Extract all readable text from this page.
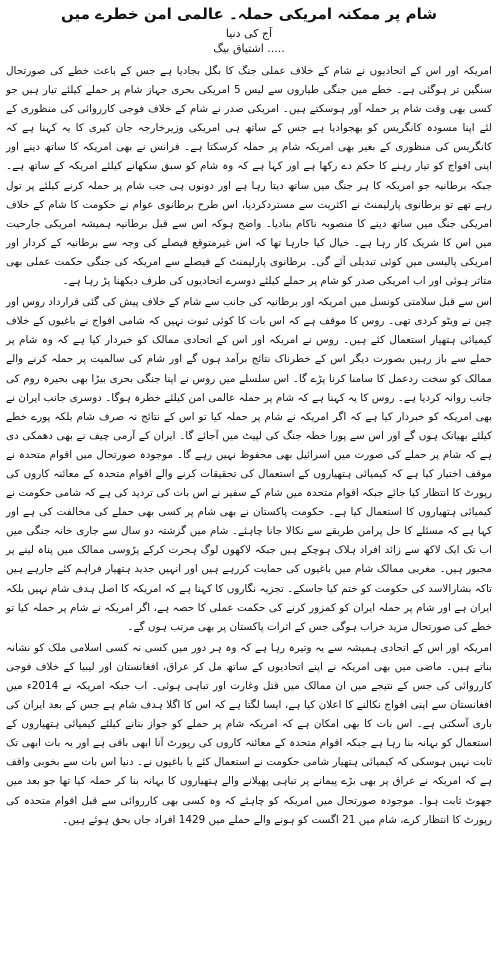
شام پر ممکنہ امریکی حملہ۔ عالمی امن خطرے میں
آج کی دنیا
..... اشتیاق بیگ

امریکہ اور اس کے اتحادیوں نے شام کے خلاف عملی جنگ کا بگل بجادیا ہے جس کے باعث خطے کی صورتحال سنگین تر ہوگئی ہے۔ خطے میں جنگی طیاروں سے لیس 5 امریکی بحری جہاز شام پر حملے کیلئے تیار ہیں جو کسی بھی وقت شام پر حملہ آور ہوسکتے ہیں۔ امریکی صدر نے شام کے خلاف فوجی کارروائی کی منظوری کے لئے اپنا مسودہ کانگریس کو بھجوادیا ہے جس کے ساتھ ہی امریکی وزیرخارجہ جان کیری کا یہ کہنا ہے کہ کانگریس کی منظوری کے بغیر بھی امریکہ شام پر حملہ کرسکتا ہے۔ فرانس نے بھی امریکہ کا ساتھ دینے اور اپنی افواج کو تیار رہنے کا حکم دے رکھا ہے اور کہا ہے کہ وہ شام کو سبق سکھانے کیلئے امریکہ کے ساتھ ہے۔ جبکہ برطانیہ جو امریکہ کا ہر جنگ میں ساتھ دیتا رہا ہے اور دونوں ہی جب شام پر حملہ کرنے کیلئے پر تول رہے تھے تو برطانوی پارلیمنٹ نے اکثریت سے مستردکردیا، اس طرح برطانوی عوام نے حکومت کا شام کے خلاف امریکی جنگ میں ساتھ دینے کا منصوبہ ناکام بنادیا۔ واضح ہوکہ اس سے قبل برطانیہ ہمیشہ امریکی جارحیت میں اس کا شریک کار رہا ہے۔ خیال کیا جارہا تھا کہ اس غیرمتوقع فیصلے کی وجہ سے برطانیہ کے کردار اور امریکی پالیسی میں کوئی تبدیلی آئے گی۔ برطانوی پارلیمنٹ کے فیصلے سے امریکہ کی جنگی حکمت عملی بھی متاثر ہوئی اور اب امریکی صدر کو شام پر حملے کیلئے دوسرے اتحادیوں کی طرف دیکھنا پڑ رہا ہے۔

اس سے قبل سلامتی کونسل میں امریکہ اور برطانیہ کی جانب سے شام کے خلاف پیش کی گئی قرارداد روس اور چین نے ویٹو کردی تھی۔ روس کا موقف ہے کہ اس بات کا کوئی ثبوت نہیں کہ شامی افواج نے باغیوں کے خلاف کیمیائی ہتھیار استعمال کئے ہیں۔ روس نے امریکہ اور اس کے اتحادی ممالک کو خبردار کیا ہے کہ وہ شام پر حملے سے باز رہیں بصورت دیگر اس کے خطرناک نتائج برآمد ہوں گے اور شام کی سالمیت پر حملہ کرنے والے ممالک کو سخت ردعمل کا سامنا کرنا پڑے گا۔ اس سلسلے میں روس نے اپنا جنگی بحری بیڑا بھی بحیرہ روم کی جانب روانہ کردیا ہے۔ روس کا یہ کہنا ہے کہ شام پر حملہ عالمی امن کیلئے خطرہ ہوگا۔ دوسری جانب ایران نے بھی امریکہ کو خبردار کیا ہے کہ اگر امریکہ نے شام پر حملہ کیا تو اس کے نتائج نہ صرف شام بلکہ پورے خطے کیلئے بھیانک ہوں گے اور اس سے پورا خطہ جنگ کی لپیٹ میں آجائے گا۔ ایران کے آرمی چیف نے بھی دھمکی دی ہے کہ شام پر حملے کی صورت میں اسرائیل بھی محفوظ نہیں رہے گا۔ موجودہ صورتحال میں اقوام متحدہ نے موقف اختیار کیا ہے کہ کیمیائی ہتھیاروں کے استعمال کی تحقیقات کرنے والے اقوام متحدہ کے معائنہ کاروں کی رپورٹ کا انتظار کیا جائے جبکہ اقوام متحدہ میں شام کے سفیر نے اس بات کی تردید کی ہے کہ شامی حکومت نے کیمیائی ہتھیاروں کا استعمال کیا ہے۔ حکومت پاکستان نے بھی شام پر کسی بھی حملے کی مخالفت کی ہے اور کہا ہے کہ مسئلے کا حل پرامن طریقے سے نکالا جانا چاہئے۔ شام میں گزشتہ دو سال سے جاری خانہ جنگی میں اب تک ایک لاکھ سے زائد افراد ہلاک ہوچکے ہیں جبکہ لاکھوں لوگ ہجرت کرکے پڑوسی ممالک میں پناہ لینے پر مجبور ہیں۔ مغربی ممالک شام میں باغیوں کی حمایت کررہے ہیں اور انہیں جدید ہتھیار فراہم کئے جارہے ہیں تاکہ بشارالاسد کی حکومت کو ختم کیا جاسکے۔ تجزیہ نگاروں کا کہنا ہے کہ امریکہ کا اصل ہدف شام نہیں بلکہ ایران ہے اور شام پر حملہ ایران کو کمزور کرنے کی حکمت عملی کا حصہ ہے، اگر امریکہ نے شام پر حملہ کیا تو خطے کی صورتحال مزید خراب ہوگی جس کے اثرات پاکستان پر بھی مرتب ہوں گے۔

امریکہ اور اس کے اتحادی ہمیشہ سے یہ وتیرہ رہا ہے کہ وہ ہر دور میں کسی نہ کسی اسلامی ملک کو نشانہ بناتے ہیں۔ ماضی میں بھی امریکہ نے اپنے اتحادیوں کے ساتھ مل کر عراق، افغانستان اور لیبیا کے خلاف فوجی کارروائی کی جس کے نتیجے میں ان ممالک میں قتل وغارت اور تباہی ہوئی۔ اب جبکہ امریکہ نے 2014ء میں افغانستان سے اپنی افواج نکالنے کا اعلان کیا ہے، ایسا لگتا ہے کہ اس کا اگلا ہدف شام ہے جس کے بعد ایران کی باری آسکتی ہے۔ اس بات کا بھی امکان ہے کہ امریکہ شام پر حملے کو جواز بنانے کیلئے کیمیائی ہتھیاروں کے استعمال کو بہانہ بنا رہا ہے جبکہ اقوام متحدہ کے معائنہ کاروں کی رپورٹ آنا ابھی باقی ہے اور یہ بات ابھی تک ثابت نہیں ہوسکی کہ کیمیائی ہتھیار شامی حکومت نے استعمال کئے یا باغیوں نے۔ دنیا اس بات سے بخوبی واقف ہے کہ امریکہ نے عراق پر بھی بڑے پیمانے پر تباہی پھیلانے والے ہتھیاروں کا بہانہ بنا کر حملہ کیا تھا جو بعد میں جھوٹ ثابت ہوا۔ موجودہ صورتحال میں امریکہ کو چاہئے کہ وہ کسی بھی کارروائی سے قبل اقوام متحدہ کی رپورٹ کا انتظار کرے، شام میں 21 اگست کو ہونے والے حملے میں 1429 افراد جاں بحق ہوئے ہیں۔
